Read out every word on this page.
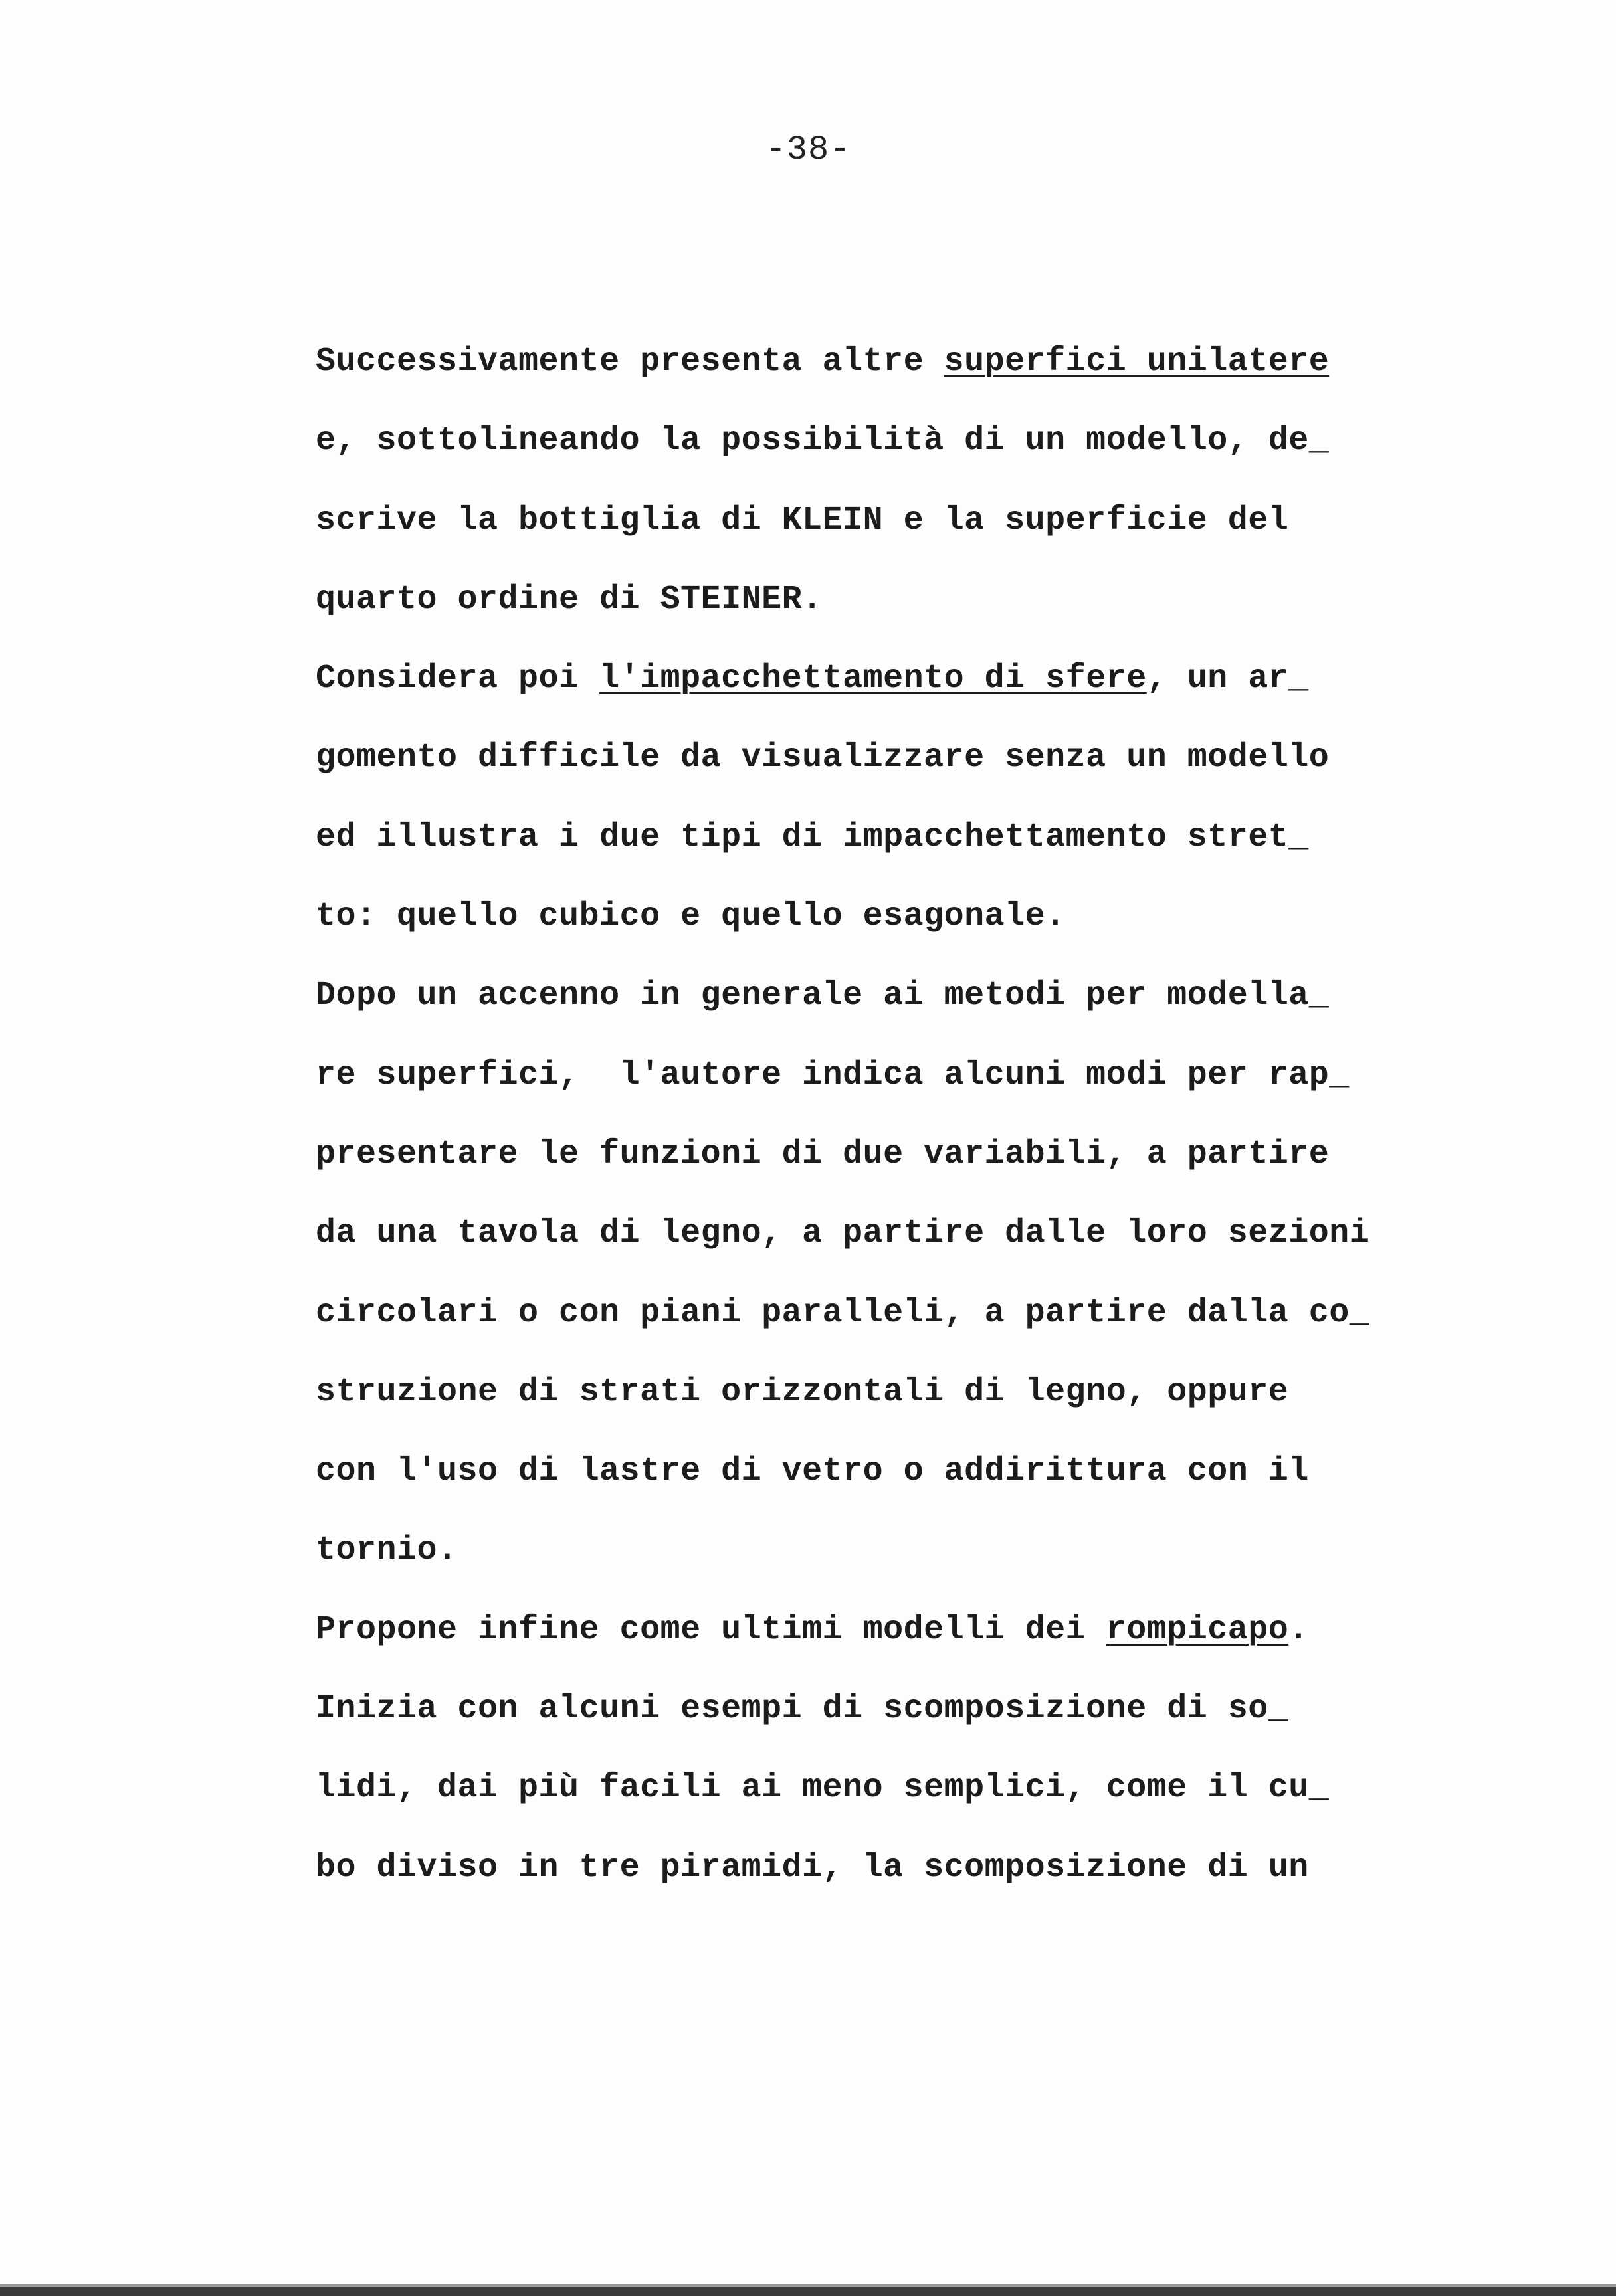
-38-
Successivamente presenta altre superfici unilatere
e, sottolineando la possibilità di un modello, de_
scrive la bottiglia di KLEIN e la superficie del
quarto ordine di STEINER.
Considera poi l'impacchettamento di sfere, un ar_
gomento difficile da visualizzare senza un modello
ed illustra i due tipi di impacchettamento stret_
to: quello cubico e quello esagonale.
Dopo un accenno in generale ai metodi per modella_
re superfici,  l'autore indica alcuni modi per rap_
presentare le funzioni di due variabili, a partire
da una tavola di legno, a partire dalle loro sezioni
circolari o con piani paralleli, a partire dalla co_
struzione di strati orizzontali di legno, oppure
con l'uso di lastre di vetro o addirittura con il
tornio.
Propone infine come ultimi modelli dei rompicapo.
Inizia con alcuni esempi di scomposizione di so_
lidi, dai più facili ai meno semplici, come il cu_
bo diviso in tre piramidi, la scomposizione di un
